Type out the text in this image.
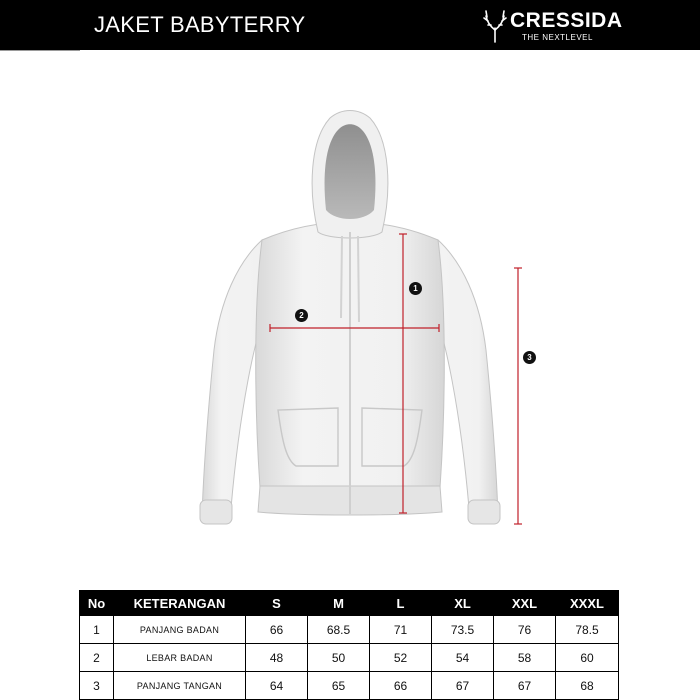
JAKET BABYTERRY	CRESSIDA
THE NEXTLEVEL
1
2
3
No	KETERANGAN	S	M	L	XL	XXL	XXXL
1	PANJANG BADAN	66	68.5	71	73.5	76	78.5
2	LEBAR BADAN	48	50	52	54	58	60
3	PANJANG TANGAN	64	65	66	67	67	68
